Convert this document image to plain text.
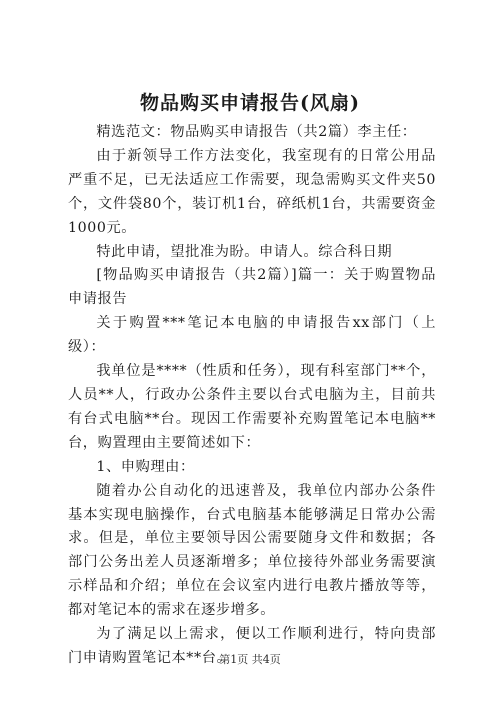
物品购买申请报告(风扇)

精选范文：物品购买申请报告（共2篇）李主任：

由于新领导工作方法变化，我室现有的日常公用品严重不足，已无法适应工作需要，现急需购买文件夹50个，文件袋80个，装订机1台，碎纸机1台，共需要资金1000元。

特此申请，望批准为盼。申请人。综合科日期

[物品购买申请报告（共2篇）]篇一：关于购置物品申请报告

关于购置***笔记本电脑的申请报告xx部门（上级）：

我单位是****（性质和任务），现有科室部门**个，人员**人，行政办公条件主要以台式电脑为主，目前共有台式电脑**台。现因工作需要补充购置笔记本电脑**台，购置理由主要简述如下：

1、申购理由：

随着办公自动化的迅速普及，我单位内部办公条件基本实现电脑操作，台式电脑基本能够满足日常办公需求。但是，单位主要领导因公需要随身文件和数据；各部门公务出差人员逐渐增多；单位接待外部业务需要演示样品和介绍；单位在会议室内进行电教片播放等等，都对笔记本的需求在逐步增多。

为了满足以上需求，便以工作顺利进行，特向贵部门申请购置笔记本**台。

第1页 共4页
